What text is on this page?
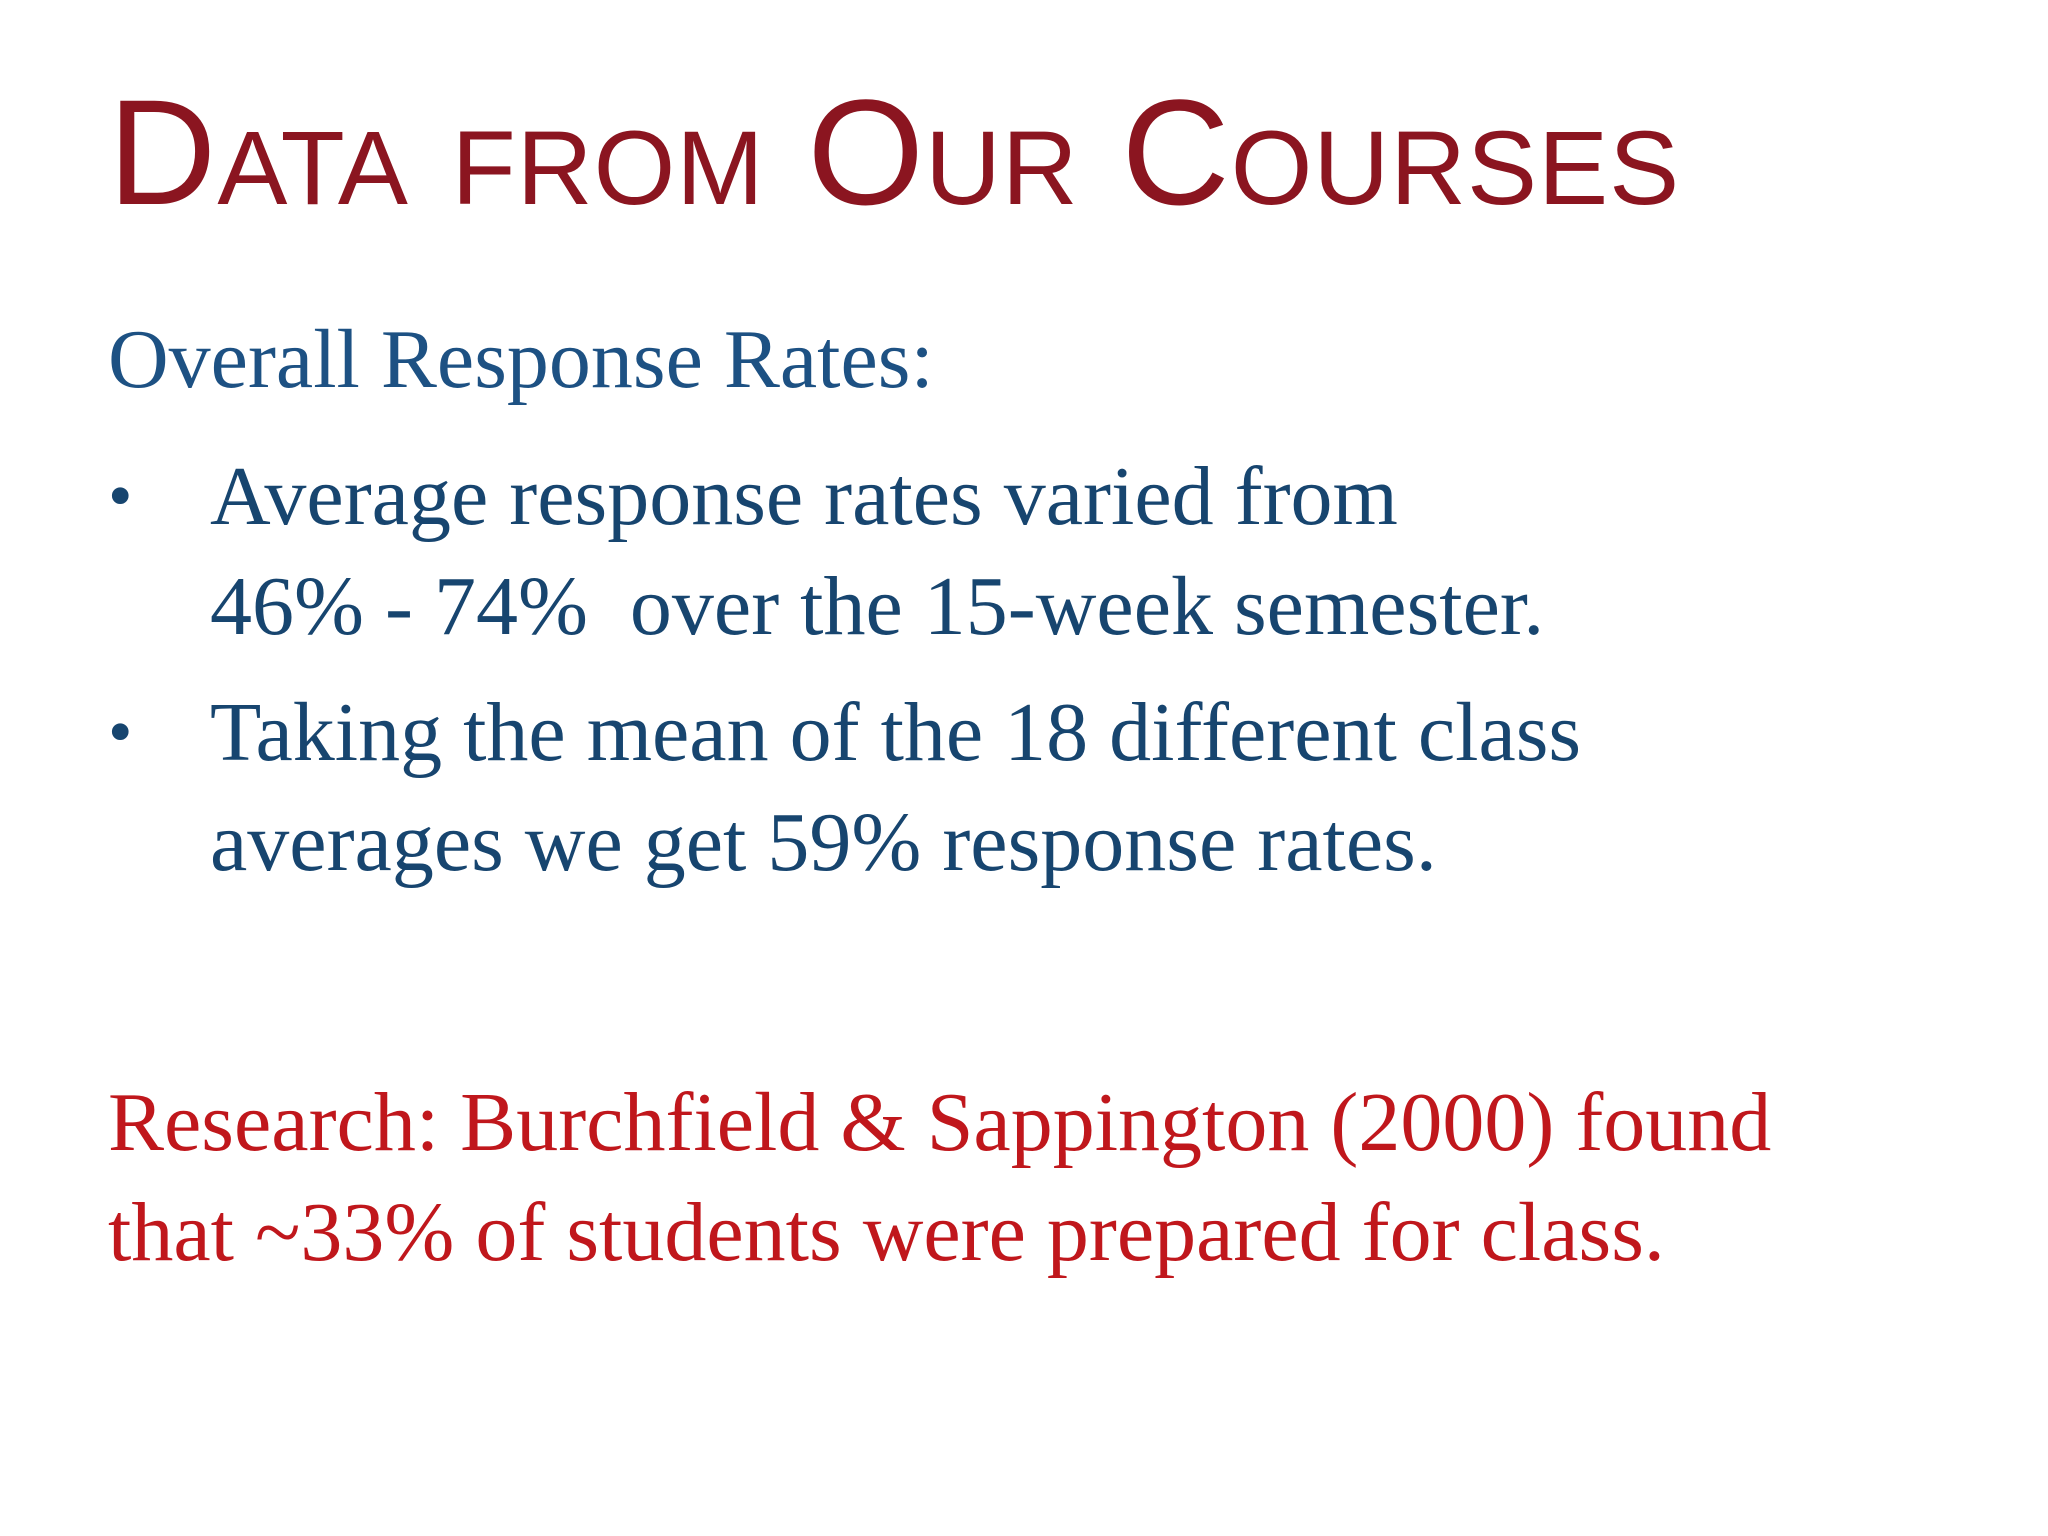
Data from Our Courses
Overall Response Rates:
• Average response rates varied from
46% - 74%  over the 15-week semester.
• Taking the mean of the 18 different class
averages we get 59% response rates.

Research: Burchfield & Sappington (2000) found
that ~33% of students were prepared for class.
